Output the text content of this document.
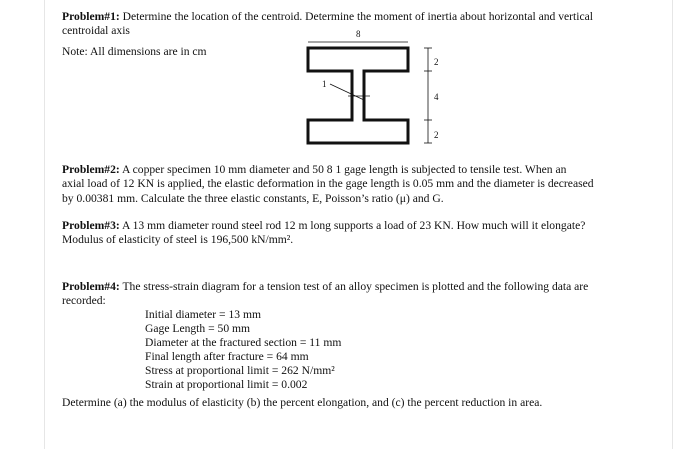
Problem#1: Determine the location of the centroid. Determine the moment of inertia about horizontal and vertical
centroidal axis
Note: All dimensions are in cm
8
2
4
2
1
Problem#2: A copper specimen 10 mm diameter and 50 8 1 gage length is subjected to tensile test. When an
axial load of 12 KN is applied, the elastic deformation in the gage length is 0.05 mm and the diameter is decreased
by 0.00381 mm. Calculate the three elastic constants, E, Poisson’s ratio (μ) and G.
Problem#3: A 13 mm diameter round steel rod 12 m long supports a load of 23 KN. How much will it elongate?
Modulus of elasticity of steel is 196,500 kN/mm².
Problem#4: The stress-strain diagram for a tension test of an alloy specimen is plotted and the following data are
recorded:
Initial diameter = 13 mm
Gage Length = 50 mm
Diameter at the fractured section = 11 mm
Final length after fracture = 64 mm
Stress at proportional limit = 262 N/mm²
Strain at proportional limit = 0.002
Determine (a) the modulus of elasticity (b) the percent elongation, and (c) the percent reduction in area.
